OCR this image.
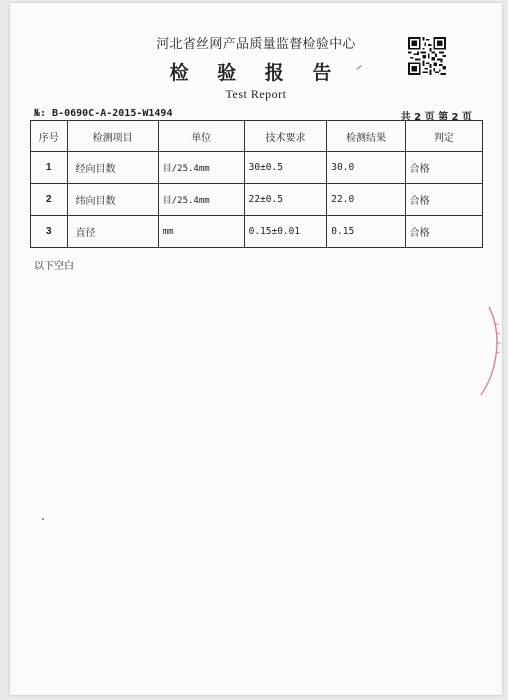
河北省丝网产品质量监督检验中心
检 验 报 告
Test Report
№: B-0690C-A-2015-W1494	共 2 页 第 2 页
序号	检测项目	单位	技术要求	检测结果	判定
1	经向目数	目/25.4mm	30±0.5	30.0	合格
2	纬向目数	目/25.4mm	22±0.5	22.0	合格
3	直径	mm	0.15±0.01	0.15	合格
以下空白
